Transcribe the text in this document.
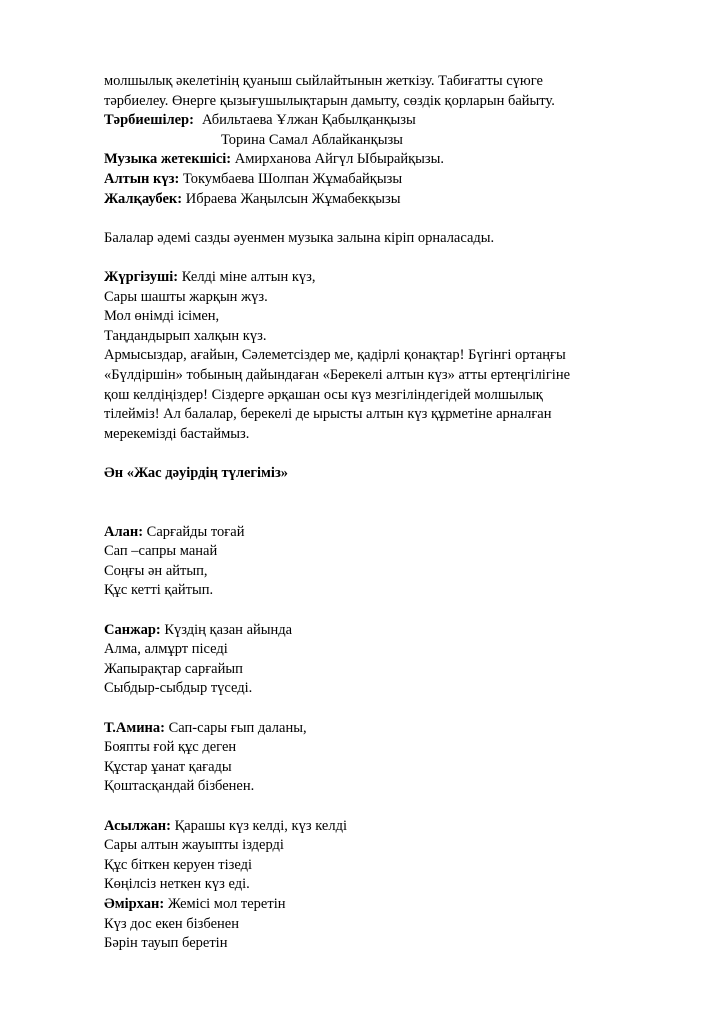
молшылық әкелетінің қуаныш сыйлайтынын жеткізу. Табиғатты сүюге
тәрбиелеу. Өнерге қызығушылықтарын дамыту, сөздік қорларын байыту.
Тәрбиешілер: Абильтаева Ұлжан Қабылқанқызы
Торина Самал Аблайканқызы
Музыка жетекшісі: Амирханова Айгүл Ыбырайқызы.
Алтын күз: Токумбаева Шолпан Жұмабайқызы
Жалқаубек: Ибраева Жаңылсын Жұмабекқызы
Балалар әдемі сазды әуенмен музыка залына кіріп орналасады.
Жүргізуші: Келді міне алтын күз,
Сары шашты жарқын жүз.
Мол өнімді ісімен,
Таңдандырып халқын күз.
Армысыздар, ағайын, Сәлеметсіздер ме, қадірлі қонақтар! Бүгінгі ортаңғы
«Бүлдіршін» тобының дайындаған «Берекелі алтын күз» атты ертеңгілігіне
қош келдіңіздер! Сіздерге әрқашан осы күз мезгіліндегідей молшылық
тілейміз! Ал балалар, берекелі де ырысты алтын күз құрметіне арналған
мерекемізді бастаймыз.
Ән «Жас дәуірдің түлегіміз»
Алан: Сарғайды тоғай
Сап –сапры манай
Соңғы ән айтып,
Құс кетті қайтып.
Санжар: Күздің қазан айында
Алма, алмұрт піседі
Жапырақтар сарғайып
Сыбдыр-сыбдыр түседі.
Т.Амина: Сап-сары ғып даланы,
Бояпты ғой құс деген
Құстар ұанат қағады
Қоштасқандай бізбенен.
Асылжан: Қарашы күз келді, күз келді
Сары алтын жауыпты іздерді
Құс біткен керуен тізеді
Көңілсіз неткен күз еді.
Әмірхан: Жемісі мол теретін
Күз дос екен бізбенен
Бәрін тауып беретін
